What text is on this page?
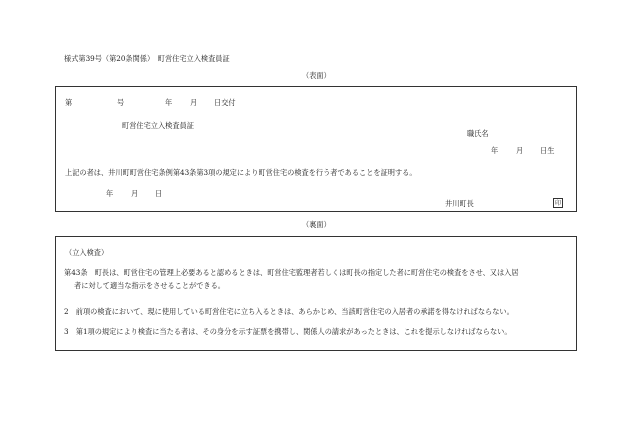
様式第39号（第20条関係）　町営住宅立入検査員証
（表面）
第	号	年 月 日交付
町営住宅立入検査員証
職氏名
年 月 日生
上記の者は、井川町町営住宅条例第43条第3項の規定により町営住宅の検査を行う者であることを証明する。
年 月 日
井川町長	印
（裏面）
（立入検査）
第43条　町長は、町営住宅の管理上必要あると認めるときは、町営住宅監理者若しくは町長の指定した者に町営住宅の検査をさせ、又は入居
者に対して適当な指示をさせることができる。
2　前項の検査において、現に使用している町営住宅に立ち入るときは、あらかじめ、当該町営住宅の入居者の承諾を得なければならない。
3　第1項の規定により検査に当たる者は、その身分を示す証票を携帯し、関係人の請求があったときは、これを提示しなければならない。
